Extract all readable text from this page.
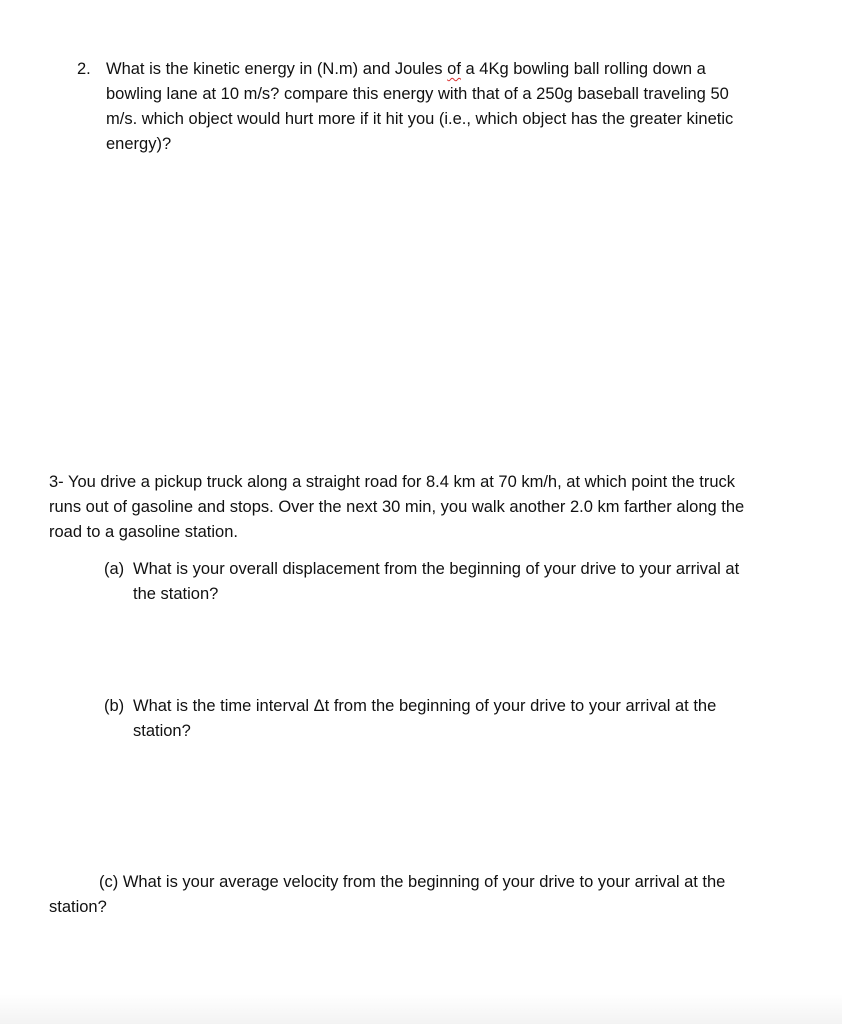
2. What is the kinetic energy in (N.m) and Joules of a 4Kg bowling ball rolling down a
bowling lane at 10 m/s? compare this energy with that of a 250g baseball traveling 50
m/s. which object would hurt more if it hit you (i.e., which object has the greater kinetic
energy)?
3- You drive a pickup truck along a straight road for 8.4 km at 70 km/h, at which point the truck
runs out of gasoline and stops. Over the next 30 min, you walk another 2.0 km farther along the
road to a gasoline station.
(a) What is your overall displacement from the beginning of your drive to your arrival at
the station?
(b) What is the time interval Δt from the beginning of your drive to your arrival at the
station?
(c) What is your average velocity from the beginning of your drive to your arrival at the
station?
